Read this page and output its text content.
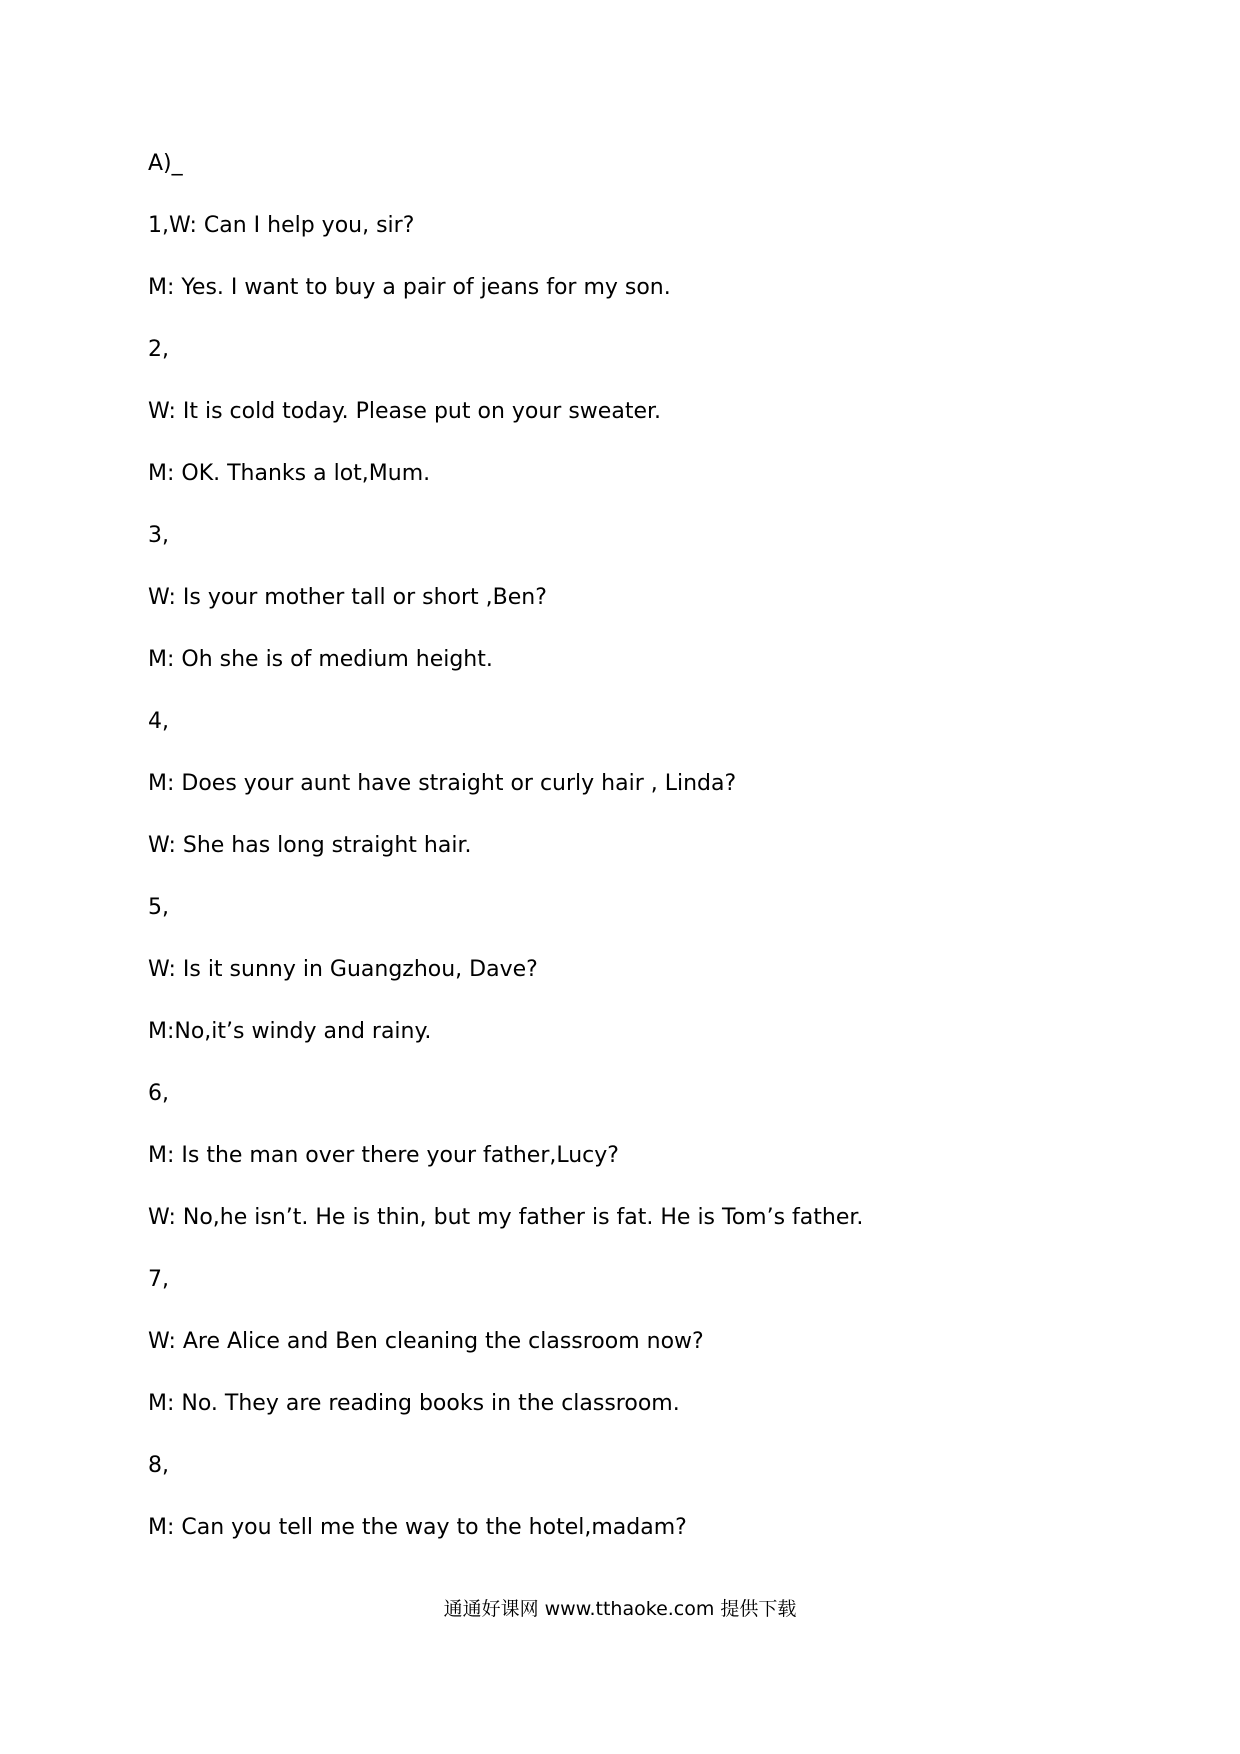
A)_
1,W: Can I help you, sir?
M: Yes. I want to buy a pair of jeans for my son.
2,
W: It is cold today. Please put on your sweater.
M: OK. Thanks a lot,Mum.
3,
W: Is your mother tall or short ,Ben?
M: Oh she is of medium height.
4,
M: Does your aunt have straight or curly hair , Linda?
W: She has long straight hair.
5,
W: Is it sunny in Guangzhou, Dave?
M:No,it’s windy and rainy.
6,
M: Is the man over there your father,Lucy?
W: No,he isn’t. He is thin, but my father is fat. He is Tom’s father.
7,
W: Are Alice and Ben cleaning the classroom now?
M: No. They are reading books in the classroom.
8,
M: Can you tell me the way to the hotel,madam?
通通好课网 www.tthaoke.com 提供下载
